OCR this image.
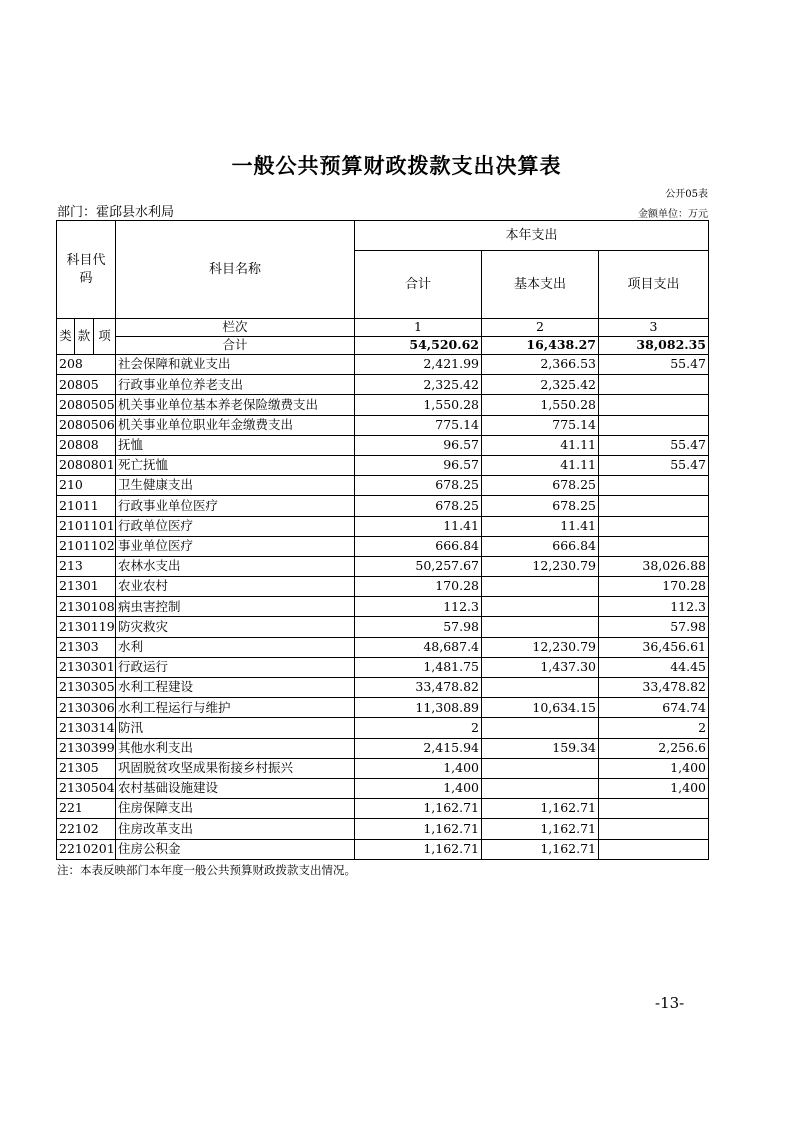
一般公共预算财政拨款支出决算表
公开05表
部门：霍邱县水利局	金额单位：万元
科目代码			科目名称	本年支出		
				合计	基本支出	项目支出
类	款	项	栏次	1	2	3
			合计	54,520.62	16,438.27	38,082.35
208			社会保障和就业支出	2,421.99	2,366.53	55.47
20805			行政事业单位养老支出	2,325.42	2,325.42	
2080505			机关事业单位基本养老保险缴费支出	1,550.28	1,550.28	
2080506			机关事业单位职业年金缴费支出	775.14	775.14	
20808			抚恤	96.57	41.11	55.47
2080801			死亡抚恤	96.57	41.11	55.47
210			卫生健康支出	678.25	678.25	
21011			行政事业单位医疗	678.25	678.25	
2101101			行政单位医疗	11.41	11.41	
2101102			事业单位医疗	666.84	666.84	
213			农林水支出	50,257.67	12,230.79	38,026.88
21301			农业农村	170.28		170.28
2130108			病虫害控制	112.3		112.3
2130119			防灾救灾	57.98		57.98
21303			水利	48,687.4	12,230.79	36,456.61
2130301			行政运行	1,481.75	1,437.30	44.45
2130305			水利工程建设	33,478.82		33,478.82
2130306			水利工程运行与维护	11,308.89	10,634.15	674.74
2130314			防汛	2		2
2130399			其他水利支出	2,415.94	159.34	2,256.6
21305			巩固脱贫攻坚成果衔接乡村振兴	1,400		1,400
2130504			农村基础设施建设	1,400		1,400
221			住房保障支出	1,162.71	1,162.71	
22102			住房改革支出	1,162.71	1,162.71	
2210201			住房公积金	1,162.71	1,162.71	
注：本表反映部门本年度一般公共预算财政拨款支出情况。
-13-
